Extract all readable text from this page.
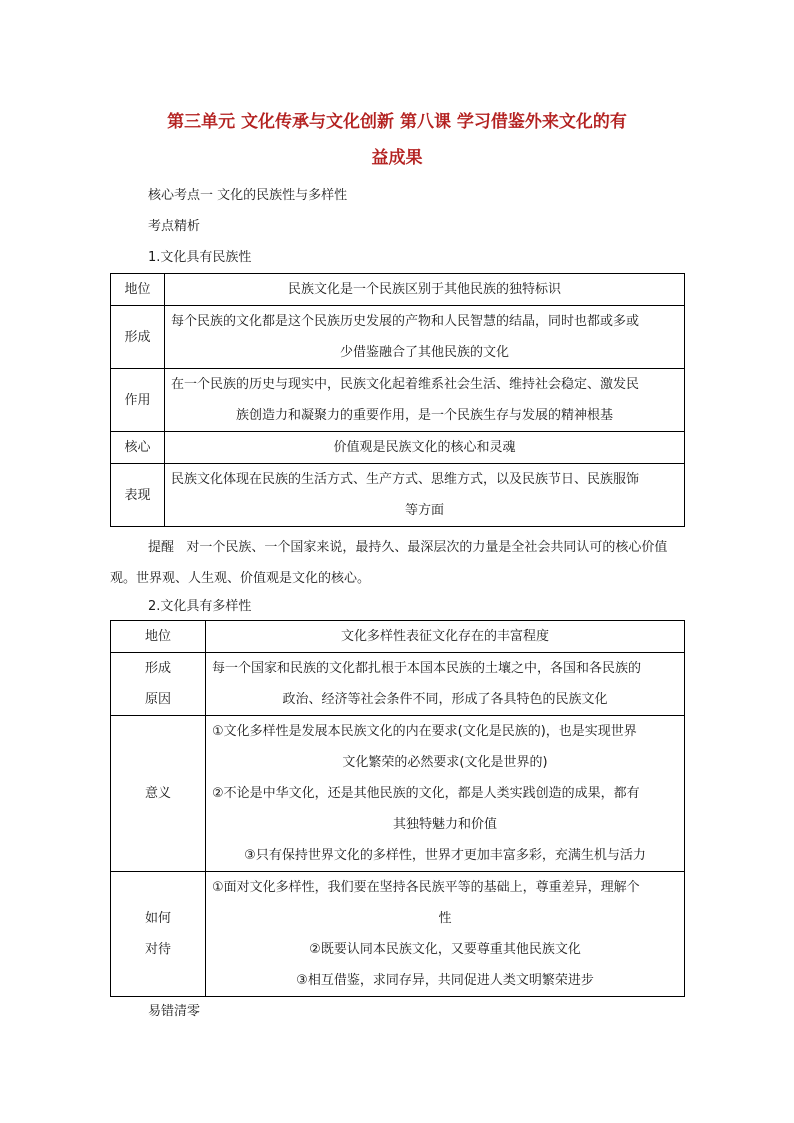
第三单元 文化传承与文化创新 第八课 学习借鉴外来文化的有
益成果
核心考点一 文化的民族性与多样性
考点精析
1.文化具有民族性
地位	民族文化是一个民族区别于其他民族的独特标识

形成	每个民族的文化都是这个民族历史发展的产物和人民智慧的结晶，同时也都或多或
少借鉴融合了其他民族的文化

作用	在一个民族的历史与现实中，民族文化起着维系社会生活、维持社会稳定、激发民
族创造力和凝聚力的重要作用，是一个民族生存与发展的精神根基

核心	价值观是民族文化的核心和灵魂

表现	民族文化体现在民族的生活方式、生产方式、思维方式，以及民族节日、民族服饰
等方面
提醒 对一个民族、一个国家来说，最持久、最深层次的力量是全社会共同认可的核心价值观。世界观、人生观、价值观是文化的核心。
2.文化具有多样性
地位	文化多样性表征文化存在的丰富程度

形成
原因	每一个国家和民族的文化都扎根于本国本民族的土壤之中，各国和各民族的
政治、经济等社会条件不同，形成了各具特色的民族文化

意义	①文化多样性是发展本民族文化的内在要求(文化是民族的)，也是实现世界
文化繁荣的必然要求(文化是世界的)
②不论是中华文化，还是其他民族的文化，都是人类实践创造的成果，都有
其独特魅力和价值
③只有保持世界文化的多样性，世界才更加丰富多彩，充满生机与活力

如何
对待	①面对文化多样性，我们要在坚持各民族平等的基础上，尊重差异，理解个
性
②既要认同本民族文化，又要尊重其他民族文化
③相互借鉴，求同存异，共同促进人类文明繁荣进步
易错清零
